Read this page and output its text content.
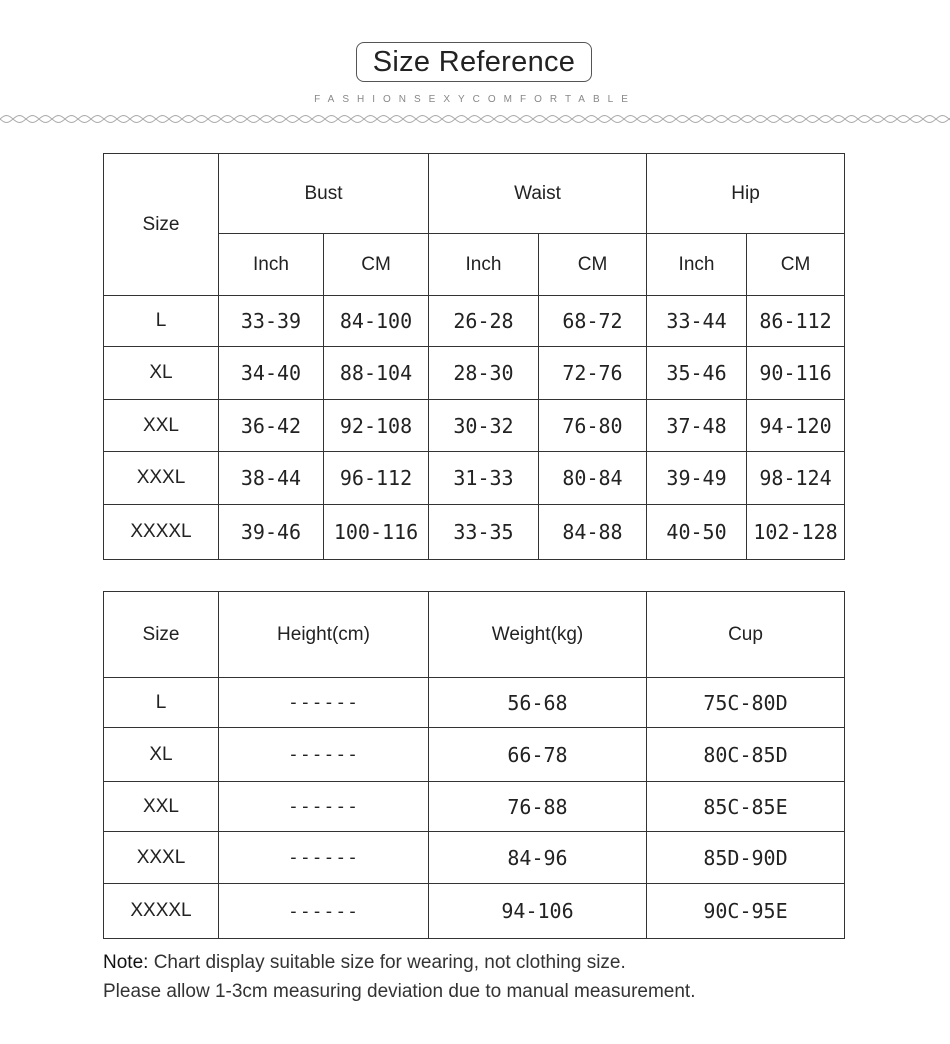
Size Reference
FASHIONSEXYCOMFORTABLE
Size	Bust		Waist		Hip	
	Inch	CM	Inch	CM	Inch	CM
L	33-39	84-100	26-28	68-72	33-44	86-112
XL	34-40	88-104	28-30	72-76	35-46	90-116
XXL	36-42	92-108	30-32	76-80	37-48	94-120
XXXL	38-44	96-112	31-33	80-84	39-49	98-124
XXXXL	39-46	100-116	33-35	84-88	40-50	102-128
Size	Height(cm)	Weight(kg)	Cup
L	------	56-68	75C-80D
XL	------	66-78	80C-85D
XXL	------	76-88	85C-85E
XXXL	------	84-96	85D-90D
XXXXL	------	94-106	90C-95E
Note: Chart display suitable size for wearing, not clothing size.
Please allow 1-3cm measuring deviation due to manual measurement.
